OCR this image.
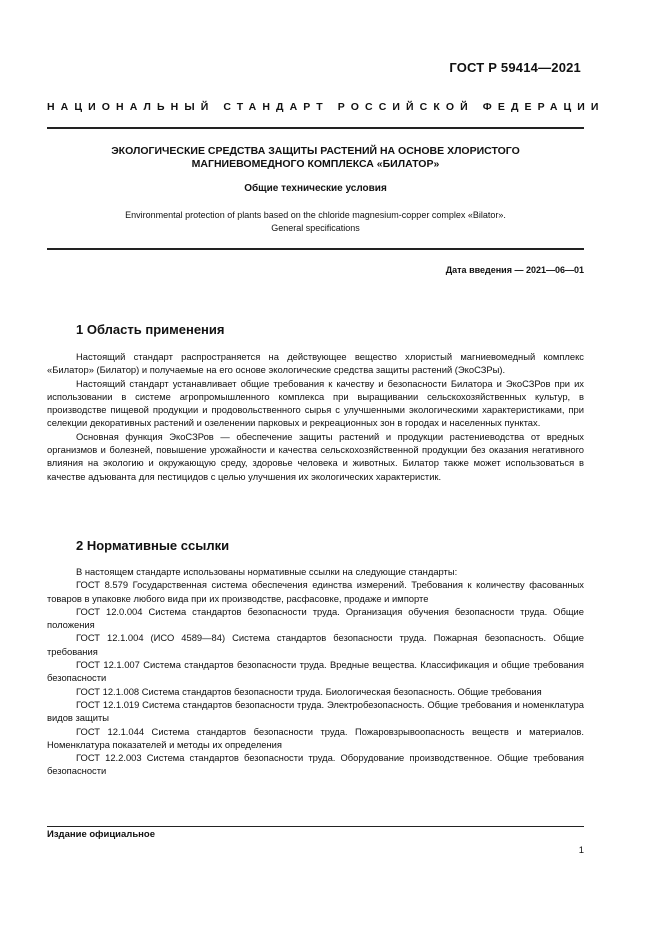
ГОСТ Р 59414—2021
НАЦИОНАЛЬНЫЙ СТАНДАРТ РОССИЙСКОЙ ФЕДЕРАЦИИ
ЭКОЛОГИЧЕСКИЕ СРЕДСТВА ЗАЩИТЫ РАСТЕНИЙ НА ОСНОВЕ ХЛОРИСТОГО
МАГНИЕВОМЕДНОГО КОМПЛЕКСА «БИЛАТОР»
Общие технические условия
Environmental protection of plants based on the chloride magnesium-copper complex «Bilator».
General specifications
Дата введения — 2021—06—01
1 Область применения

Настоящий стандарт распространяется на действующее вещество хлористый магниевомедный комплекс «Билатор» (Билатор) и получаемые на его основе экологические средства защиты растений (ЭкоСЗРы).

Настоящий стандарт устанавливает общие требования к качеству и безопасности Билатора и ЭкоСЗРов при их использовании в системе агропромышленного комплекса при выращивании сельскохозяйственных культур, в производстве пищевой продукции и продовольственного сырья с улучшенными экологическими характеристиками, при селекции декоративных растений и озеленении парковых и рекреационных зон в городах и населенных пунктах.

Основная функция ЭкоСЗРов — обеспечение защиты растений и продукции растениеводства от вредных организмов и болезней, повышение урожайности и качества сельскохозяйственной продукции без оказания негативного влияния на экологию и окружающую среду, здоровье человека и животных. Билатор также может использоваться в качестве адъюванта для пестицидов с целью улучшения их экологических характеристик.

2 Нормативные ссылки

В настоящем стандарте использованы нормативные ссылки на следующие стандарты:

ГОСТ 8.579 Государственная система обеспечения единства измерений. Требования к количеству фасованных товаров в упаковке любого вида при их производстве, расфасовке, продаже и импорте

ГОСТ 12.0.004 Система стандартов безопасности труда. Организация обучения безопасности труда. Общие положения

ГОСТ 12.1.004 (ИСО 4589—84) Система стандартов безопасности труда. Пожарная безопасность. Общие требования

ГОСТ 12.1.007 Система стандартов безопасности труда. Вредные вещества. Классификация и общие требования безопасности

ГОСТ 12.1.008 Система стандартов безопасности труда. Биологическая безопасность. Общие требования

ГОСТ 12.1.019 Система стандартов безопасности труда. Электробезопасность. Общие требования и номенклатура видов защиты

ГОСТ 12.1.044 Система стандартов безопасности труда. Пожаровзрывоопасность веществ и материалов. Номенклатура показателей и методы их определения

ГОСТ 12.2.003 Система стандартов безопасности труда. Оборудование производственное. Общие требования безопасности

Издание официальное
1
